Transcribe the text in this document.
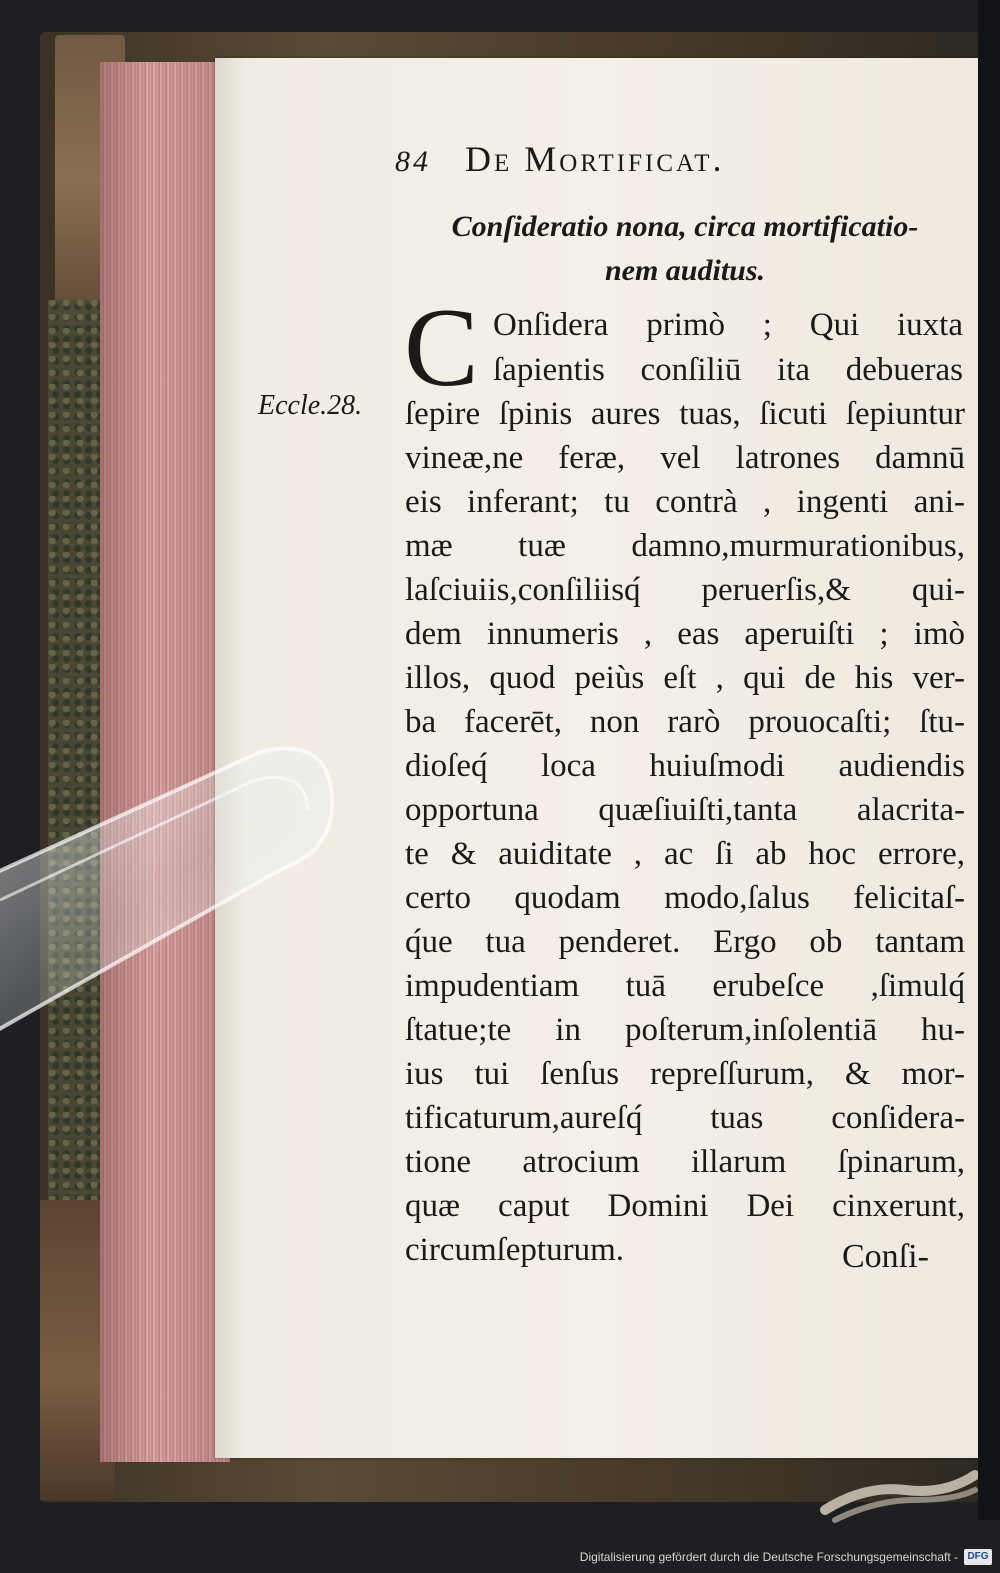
84 De Mortificat.
Conſideratio nona, circa mortificatio-
nem auditus.
Eccle.28. C Onſidera primò ; Qui iuxta
ſapientis conſiliū ita debueras
ſepire ſpinis aures tuas, ſicuti ſepiuntur
vineæ,ne feræ, vel latrones damnū
eis inferant; tu contrà , ingenti ani-
mæ tuæ damno,murmurationibus,
laſciuiis,conſiliisq́ peruerſis,& qui-
dem innumeris , eas aperuiſti ; imò
illos, quod peiùs eſt , qui de his ver-
ba facerēt, non rarò prouocaſti; ſtu-
dioſeq́ loca huiuſmodi audiendis
opportuna quæſiuiſti,tanta alacrita-
te & auiditate , ac ſi ab hoc errore,
certo quodam modo,ſalus felicitaſ-
q́ue tua penderet. Ergo ob tantam
impudentiam tuā erubeſce ,ſimulq́
ſtatue;te in poſterum,inſolentiā hu-
ius tui ſenſus repreſſurum, & mor-
tificaturum,aureſq́ tuas conſidera-
tione atrocium illarum ſpinarum,
quæ caput Domini Dei cinxerunt,
circumſepturum.	Conſi-
Digitalisierung gefördert durch die Deutsche Forschungsgemeinschaft - DFG
